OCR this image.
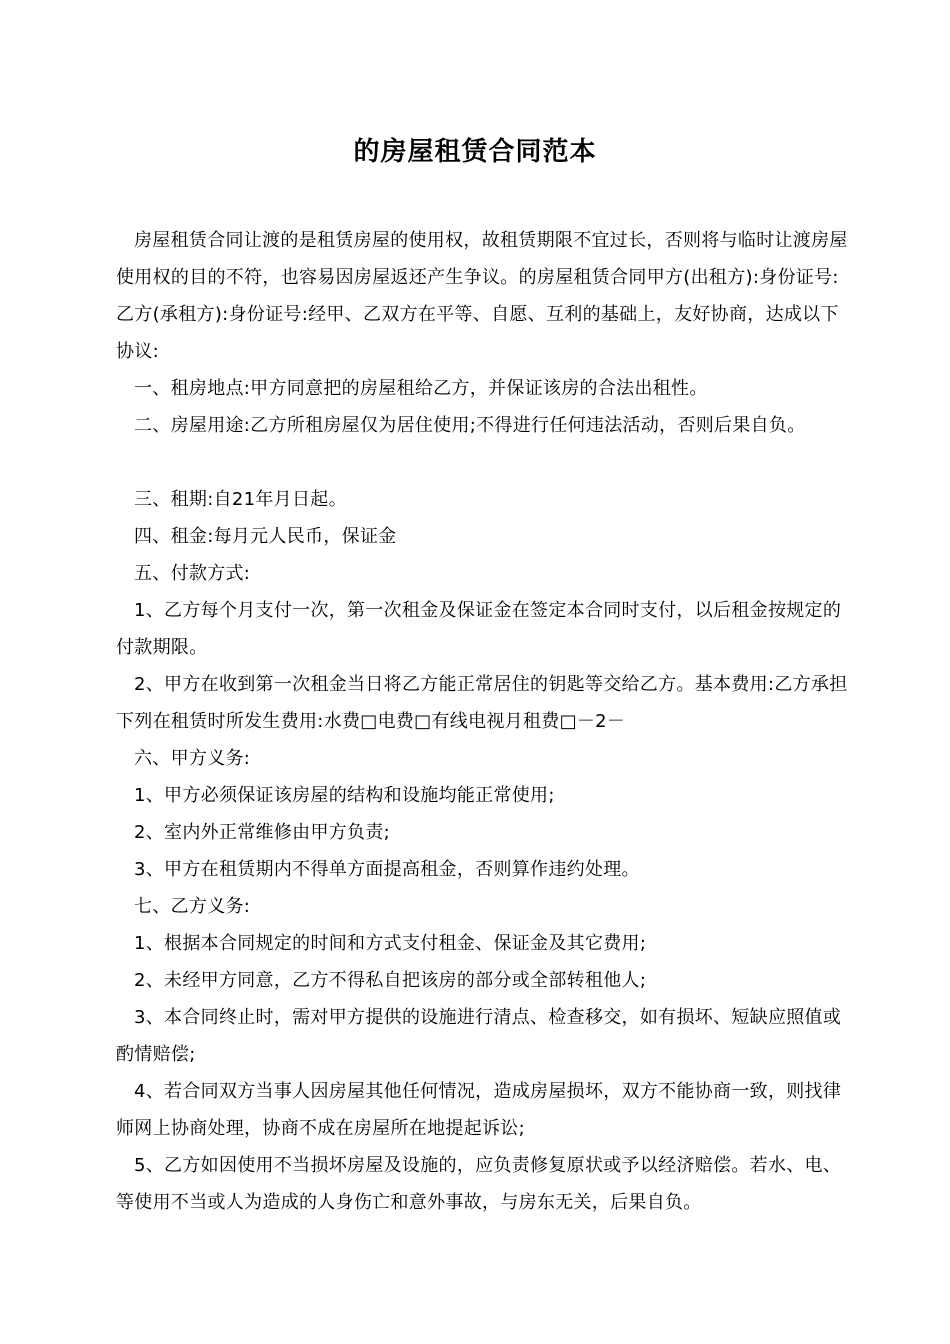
的房屋租赁合同范本

房屋租赁合同让渡的是租赁房屋的使用权，故租赁期限不宜过长，否则将与临时让渡房屋使用权的目的不符，也容易因房屋返还产生争议。的房屋租赁合同甲方(出租方):身份证号:乙方(承租方):身份证号:经甲、乙双方在平等、自愿、互利的基础上，友好协商，达成以下协议:

一、租房地点:甲方同意把的房屋租给乙方，并保证该房的合法出租性。

二、房屋用途:乙方所租房屋仅为居住使用;不得进行任何违法活动，否则后果自负。

三、租期:自21年月日起。

四、租金:每月元人民币，保证金

五、付款方式:

1、乙方每个月支付一次，第一次租金及保证金在签定本合同时支付，以后租金按规定的付款期限。

2、甲方在收到第一次租金当日将乙方能正常居住的钥匙等交给乙方。基本费用:乙方承担下列在租赁时所发生费用:水费□电费□有线电视月租费□－2－

六、甲方义务:

1、甲方必须保证该房屋的结构和设施均能正常使用;

2、室内外正常维修由甲方负责;

3、甲方在租赁期内不得单方面提高租金，否则算作违约处理。

七、乙方义务:

1、根据本合同规定的时间和方式支付租金、保证金及其它费用;

2、未经甲方同意，乙方不得私自把该房的部分或全部转租他人;

3、本合同终止时，需对甲方提供的设施进行清点、检查移交，如有损坏、短缺应照值或酌情赔偿;

4、若合同双方当事人因房屋其他任何情况，造成房屋损坏，双方不能协商一致，则找律师网上协商处理，协商不成在房屋所在地提起诉讼;

5、乙方如因使用不当损坏房屋及设施的，应负责修复原状或予以经济赔偿。若水、电、等使用不当或人为造成的人身伤亡和意外事故，与房东无关，后果自负。
